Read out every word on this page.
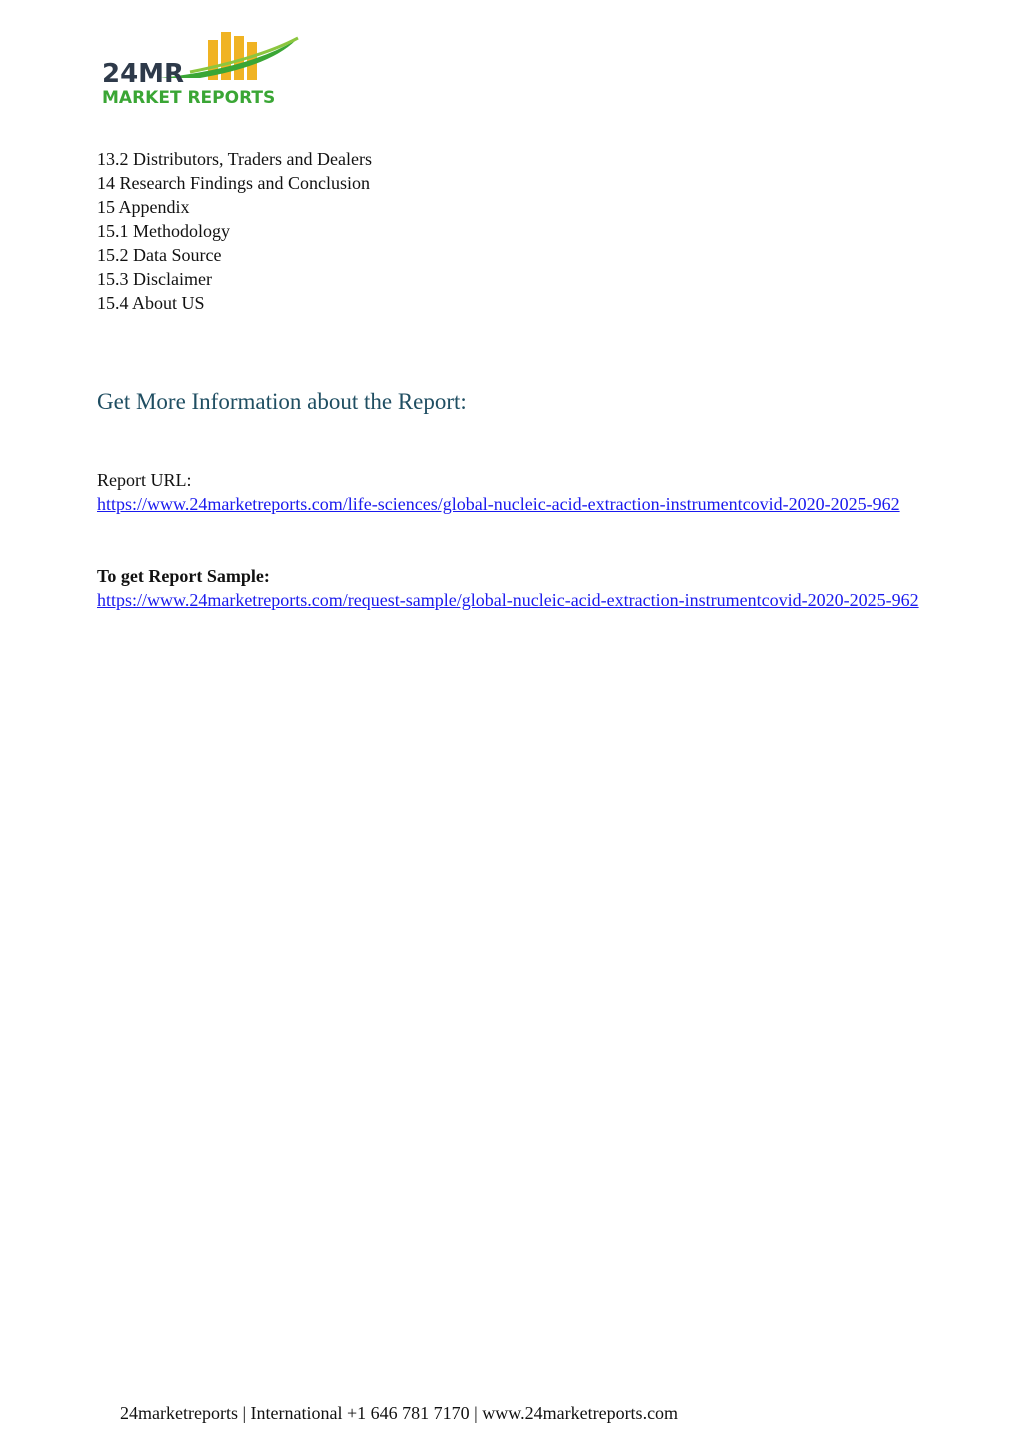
24MR
MARKET REPORTS
13.2 Distributors, Traders and Dealers
14 Research Findings and Conclusion
15 Appendix
15.1 Methodology
15.2 Data Source
15.3 Disclaimer
15.4 About US
Get More Information about the Report:
Report URL:
https://www.24marketreports.com/life-sciences/global-nucleic-acid-extraction-instrumentcovid-2020-2025-962
To get Report Sample:
https://www.24marketreports.com/request-sample/global-nucleic-acid-extraction-instrumentcovid-2020-2025-962
24marketreports | International +1 646 781 7170 | www.24marketreports.com
